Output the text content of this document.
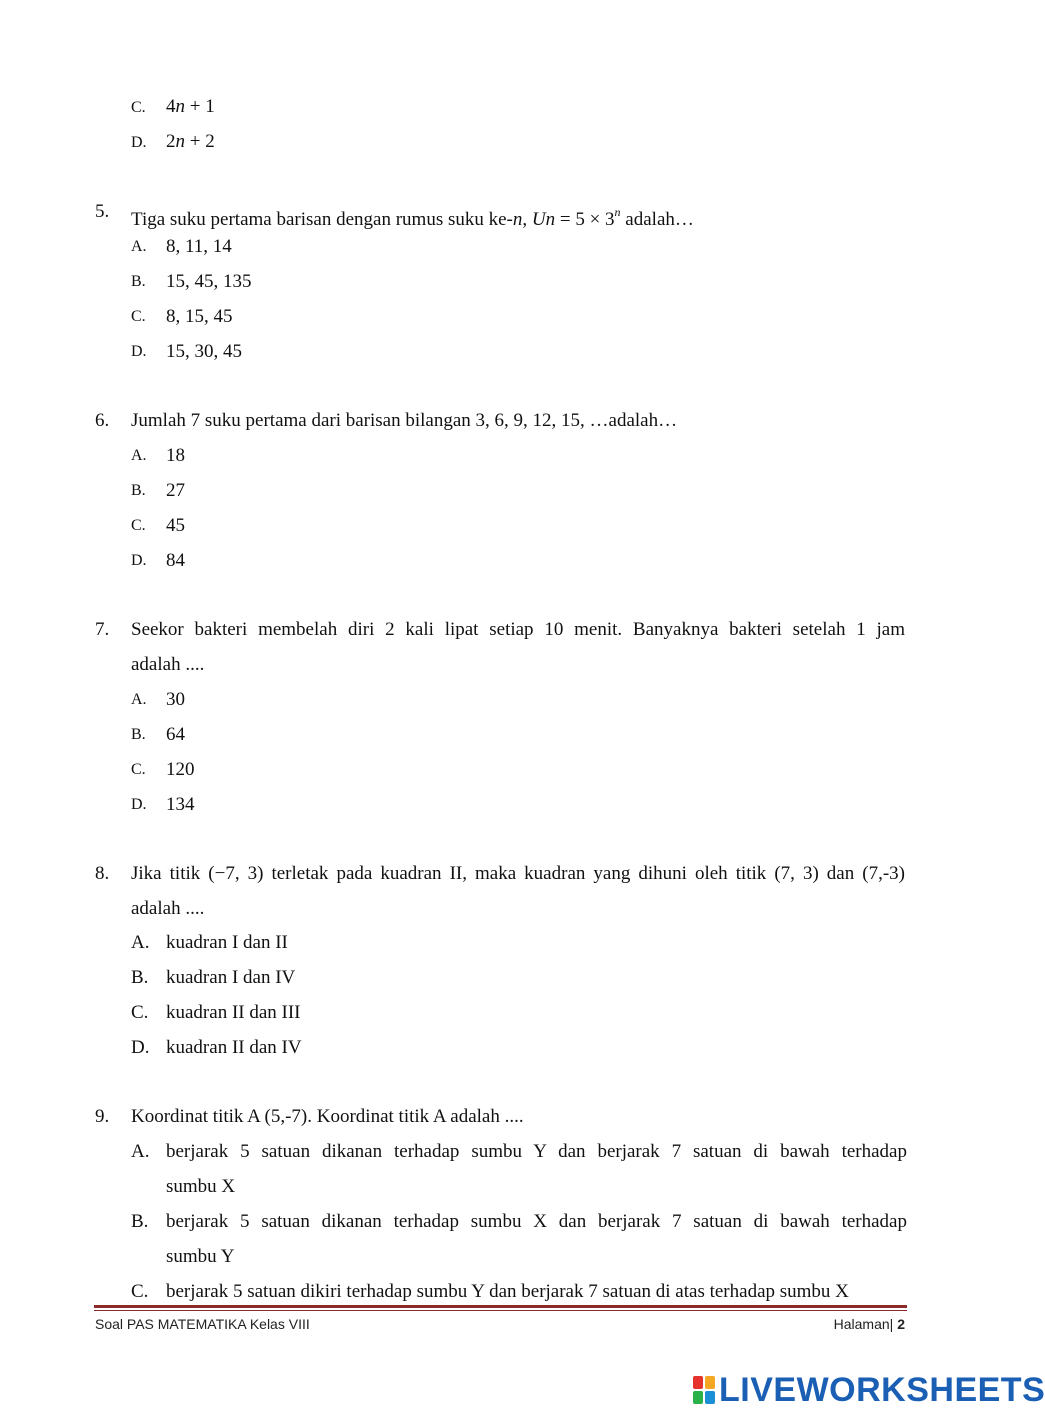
C. 4n + 1
D. 2n + 2
5. Tiga suku pertama barisan dengan rumus suku ke-n, $Un = 5 \times 3^n$ adalah…
A. 8, 11, 14
B. 15, 45, 135
C. 8, 15, 45
D. 15, 30, 45
6. Jumlah 7 suku pertama dari barisan bilangan 3, 6, 9, 12, 15, …adalah…
A. 18
B. 27
C. 45
D. 84
7. Seekor bakteri membelah diri 2 kali lipat setiap 10 menit. Banyaknya bakteri setelah 1 jam
adalah ....
A. 30
B. 64
C. 120
D. 134
8. Jika titik (−7, 3) terletak pada kuadran II, maka kuadran yang dihuni oleh titik (7, 3) dan (7,-3)
adalah ....
A. kuadran I dan II
B. kuadran I dan IV
C. kuadran II dan III
D. kuadran II dan IV
9. Koordinat titik A (5,-7). Koordinat titik A adalah ....
A. berjarak 5 satuan dikanan terhadap sumbu Y dan berjarak 7 satuan di bawah terhadap
sumbu X
B. berjarak 5 satuan dikanan terhadap sumbu X dan berjarak 7 satuan di bawah terhadap
sumbu Y
C. berjarak 5 satuan dikiri terhadap sumbu Y dan berjarak 7 satuan di atas terhadap sumbu X
Soal PAS MATEMATIKA Kelas VIII	Halaman| 2
LIVEWORKSHEETS
